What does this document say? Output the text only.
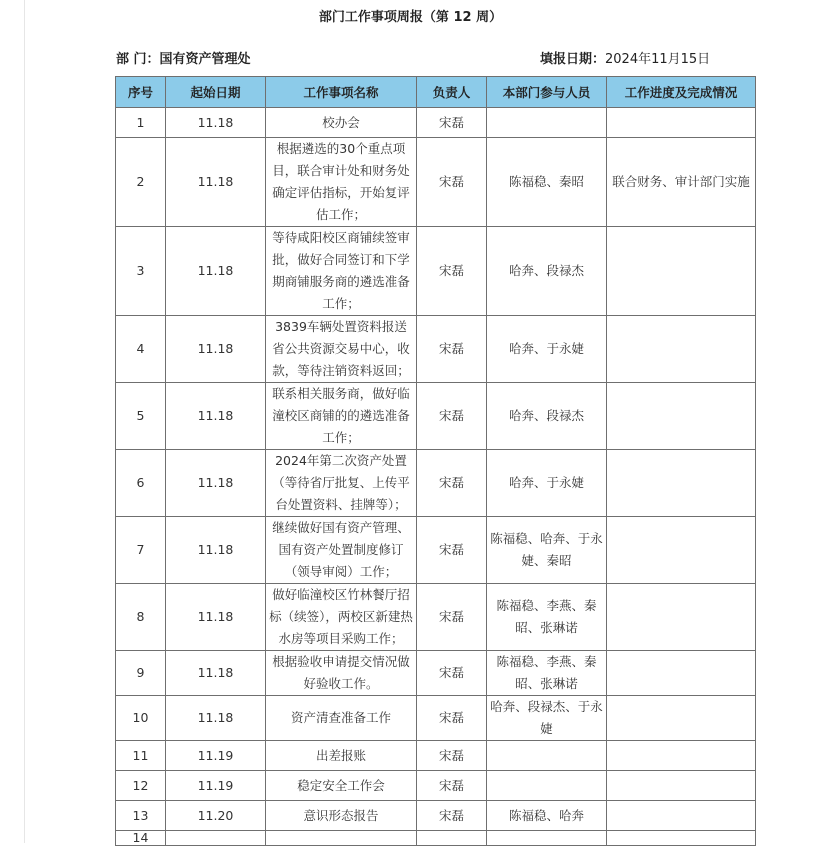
部门工作事项周报（第 12 周）
部 门：国有资产管理处	填报日期：2024年11月15日
序号	起始日期	工作事项名称	负责人	本部门参与人员	工作进度及完成情况
1	11.18	校办会	宋磊		
2	11.18	根据遴选的30个重点项目，联合审计处和财务处确定评估指标，开始复评估工作；	宋磊	陈福稳、秦昭	联合财务、审计部门实施
3	11.18	等待咸阳校区商铺续签审批，做好合同签订和下学期商铺服务商的遴选准备工作；	宋磊	哈奔、段禄杰	
4	11.18	3839车辆处置资料报送省公共资源交易中心，收款，等待注销资料返回；	宋磊	哈奔、于永婕	
5	11.18	联系相关服务商，做好临潼校区商铺的的遴选准备工作；	宋磊	哈奔、段禄杰	
6	11.18	2024年第二次资产处置（等待省厅批复、上传平台处置资料、挂牌等）；	宋磊	哈奔、于永婕	
7	11.18	继续做好国有资产管理、国有资产处置制度修订（领导审阅）工作；	宋磊	陈福稳、哈奔、于永婕、秦昭	
8	11.18	做好临潼校区竹林餐厅招标（续签），两校区新建热水房等项目采购工作；	宋磊	陈福稳、李燕、秦昭、张琳诺	
9	11.18	根据验收申请提交情况做好验收工作。	宋磊	陈福稳、李燕、秦昭、张琳诺	
10	11.18	资产清查准备工作	宋磊	哈奔、段禄杰、于永婕	
11	11.19	出差报账	宋磊		
12	11.19	稳定安全工作会	宋磊		
13	11.20	意识形态报告	宋磊	陈福稳、哈奔	
14					
